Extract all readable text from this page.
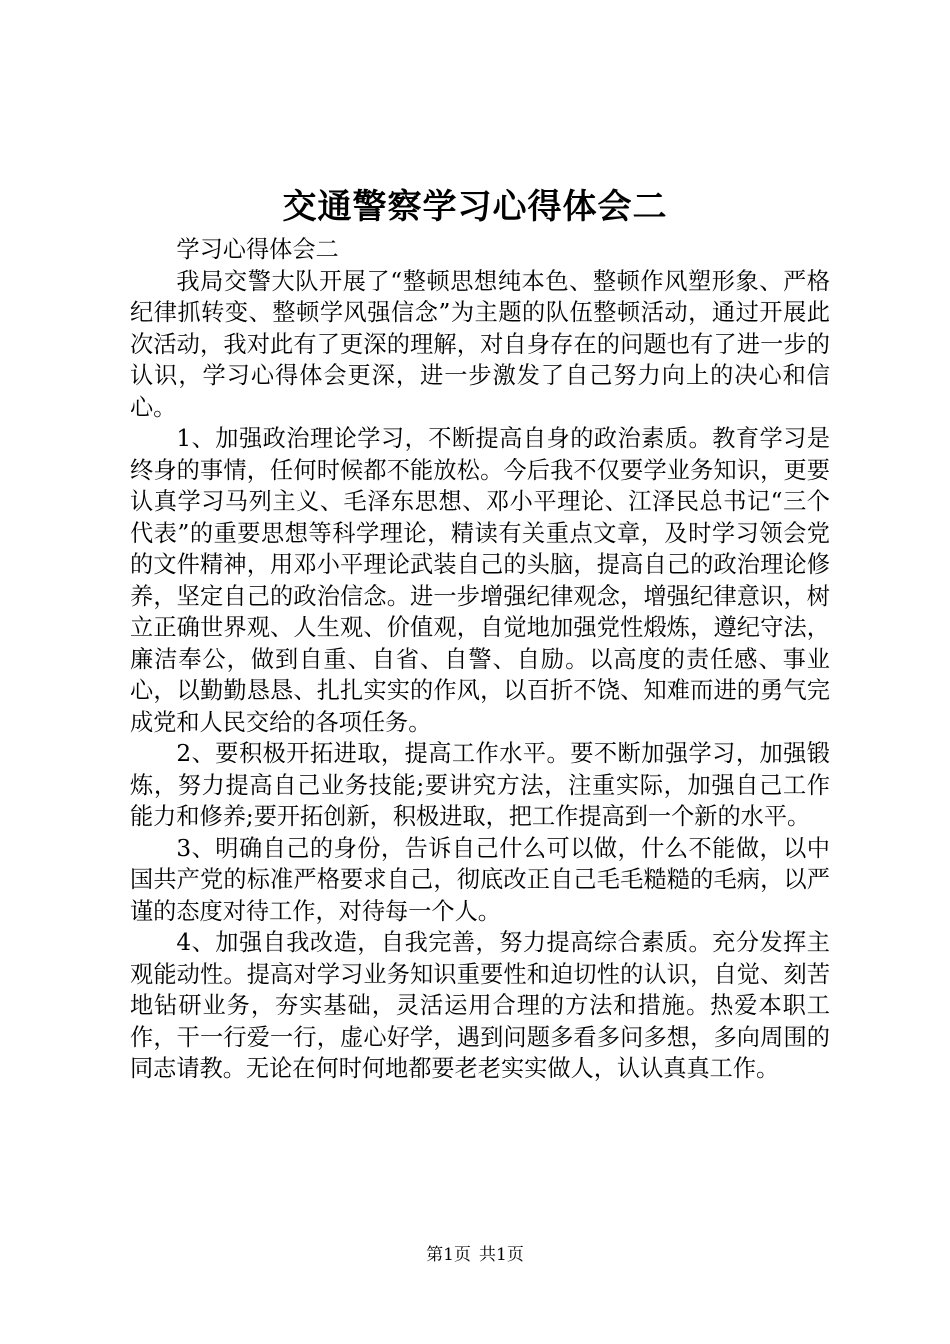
交通警察学习心得体会二

学习心得体会二

我局交警大队开展了“整顿思想纯本色、整顿作风塑形象、严格纪律抓转变、整顿学风强信念”为主题的队伍整顿活动，通过开展此次活动，我对此有了更深的理解，对自身存在的问题也有了进一步的认识，学习心得体会更深，进一步激发了自己努力向上的决心和信心。

1、加强政治理论学习，不断提高自身的政治素质。教育学习是终身的事情，任何时候都不能放松。今后我不仅要学业务知识，更要认真学习马列主义、毛泽东思想、邓小平理论、江泽民总书记“三个代表”的重要思想等科学理论，精读有关重点文章，及时学习领会党的文件精神，用邓小平理论武装自己的头脑，提高自己的政治理论修养，坚定自己的政治信念。进一步增强纪律观念，增强纪律意识，树立正确世界观、人生观、价值观，自觉地加强党性煅炼，遵纪守法，廉洁奉公，做到自重、自省、自警、自励。以高度的责任感、事业心，以勤勤恳恳、扎扎实实的作风，以百折不饶、知难而进的勇气完成党和人民交给的各项任务。

2、要积极开拓进取，提高工作水平。要不断加强学习，加强锻炼，努力提高自己业务技能;要讲究方法，注重实际，加强自己工作能力和修养;要开拓创新，积极进取，把工作提高到一个新的水平。

3、明确自己的身份，告诉自己什么可以做，什么不能做，以中国共产党的标准严格要求自己，彻底改正自己毛毛糙糙的毛病，以严谨的态度对待工作，对待每一个人。

4、加强自我改造，自我完善，努力提高综合素质。充分发挥主观能动性。提高对学习业务知识重要性和迫切性的认识，自觉、刻苦地钻研业务，夯实基础，灵活运用合理的方法和措施。热爱本职工作，干一行爱一行，虚心好学，遇到问题多看多问多想，多向周围的同志请教。无论在何时何地都要老老实实做人，认认真真工作。

第1页 共1页
